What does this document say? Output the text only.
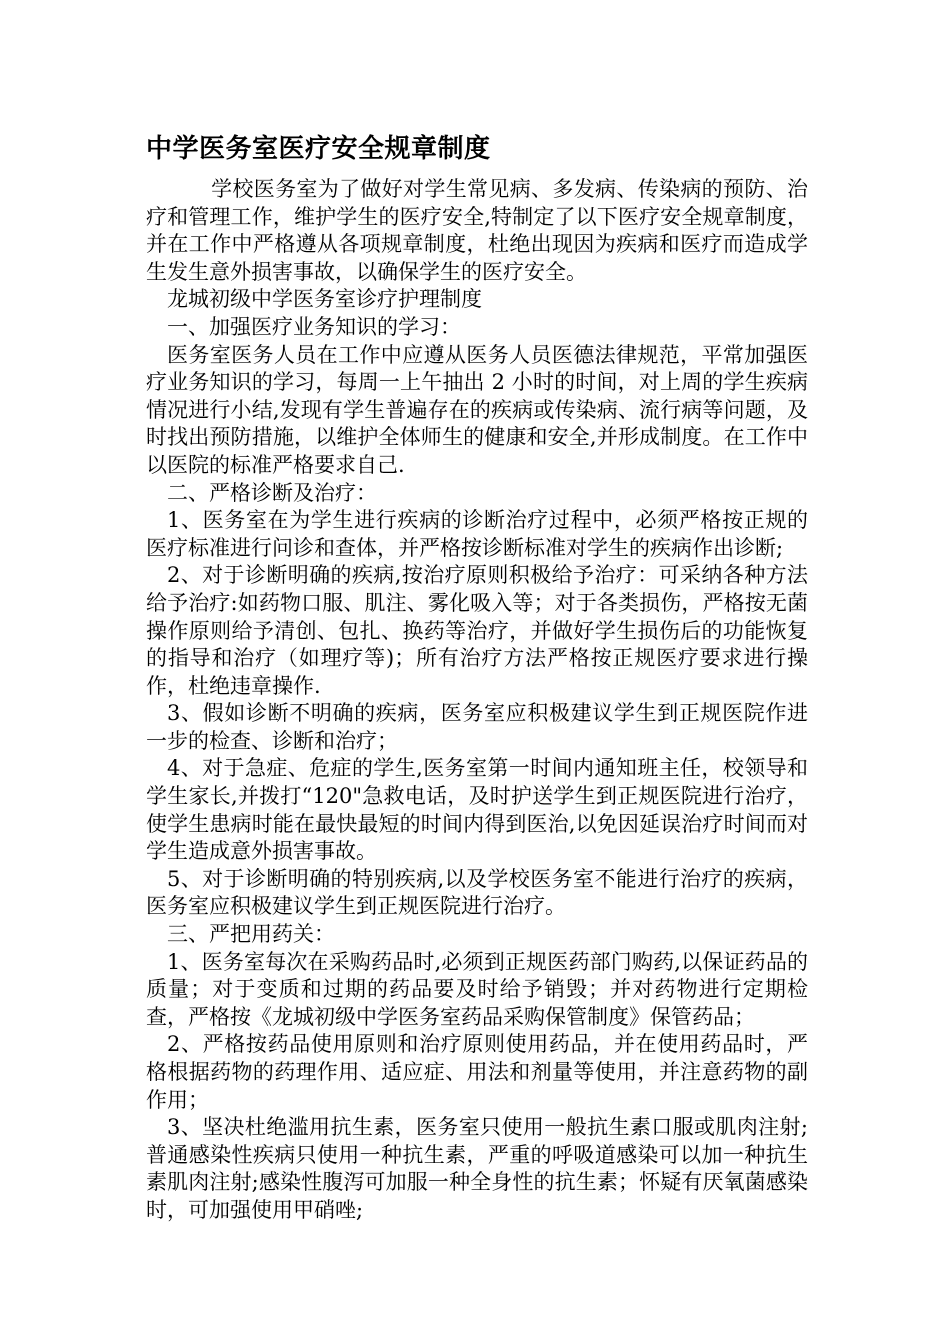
中学医务室医疗安全规章制度

学校医务室为了做好对学生常见病、多发病、传染病的预防、治疗和管理工作，维护学生的医疗安全,特制定了以下医疗安全规章制度，并在工作中严格遵从各项规章制度，杜绝出现因为疾病和医疗而造成学生发生意外损害事故，以确保学生的医疗安全。

龙城初级中学医务室诊疗护理制度

一、加强医疗业务知识的学习：

医务室医务人员在工作中应遵从医务人员医德法律规范，平常加强医疗业务知识的学习，每周一上午抽出 2 小时的时间，对上周的学生疾病情况进行小结,发现有学生普遍存在的疾病或传染病、流行病等问题，及时找出预防措施，以维护全体师生的健康和安全,并形成制度。在工作中以医院的标准严格要求自己.

二、严格诊断及治疗：

1、医务室在为学生进行疾病的诊断治疗过程中，必须严格按正规的医疗标准进行问诊和查体，并严格按诊断标准对学生的疾病作出诊断;

2、对于诊断明确的疾病,按治疗原则积极给予治疗：可采纳各种方法给予治疗:如药物口服、肌注、雾化吸入等；对于各类损伤，严格按无菌操作原则给予清创、包扎、换药等治疗，并做好学生损伤后的功能恢复的指导和治疗（如理疗等)；所有治疗方法严格按正规医疗要求进行操作，杜绝违章操作.

3、假如诊断不明确的疾病，医务室应积极建议学生到正规医院作进一步的检查、诊断和治疗；

4、对于急症、危症的学生,医务室第一时间内通知班主任，校领导和学生家长,并拨打“120"急救电话，及时护送学生到正规医院进行治疗，使学生患病时能在最快最短的时间内得到医治,以免因延误治疗时间而对学生造成意外损害事故。

5、对于诊断明确的特别疾病,以及学校医务室不能进行治疗的疾病，医务室应积极建议学生到正规医院进行治疗。

三、严把用药关：

1、医务室每次在采购药品时,必须到正规医药部门购药,以保证药品的质量；对于变质和过期的药品要及时给予销毁；并对药物进行定期检查，严格按《龙城初级中学医务室药品采购保管制度》保管药品；

2、严格按药品使用原则和治疗原则使用药品，并在使用药品时，严格根据药物的药理作用、适应症、用法和剂量等使用，并注意药物的副作用；

3、坚决杜绝滥用抗生素，医务室只使用一般抗生素口服或肌肉注射;普通感染性疾病只使用一种抗生素，严重的呼吸道感染可以加一种抗生素肌肉注射;感染性腹泻可加服一种全身性的抗生素；怀疑有厌氧菌感染时，可加强使用甲硝唑;
